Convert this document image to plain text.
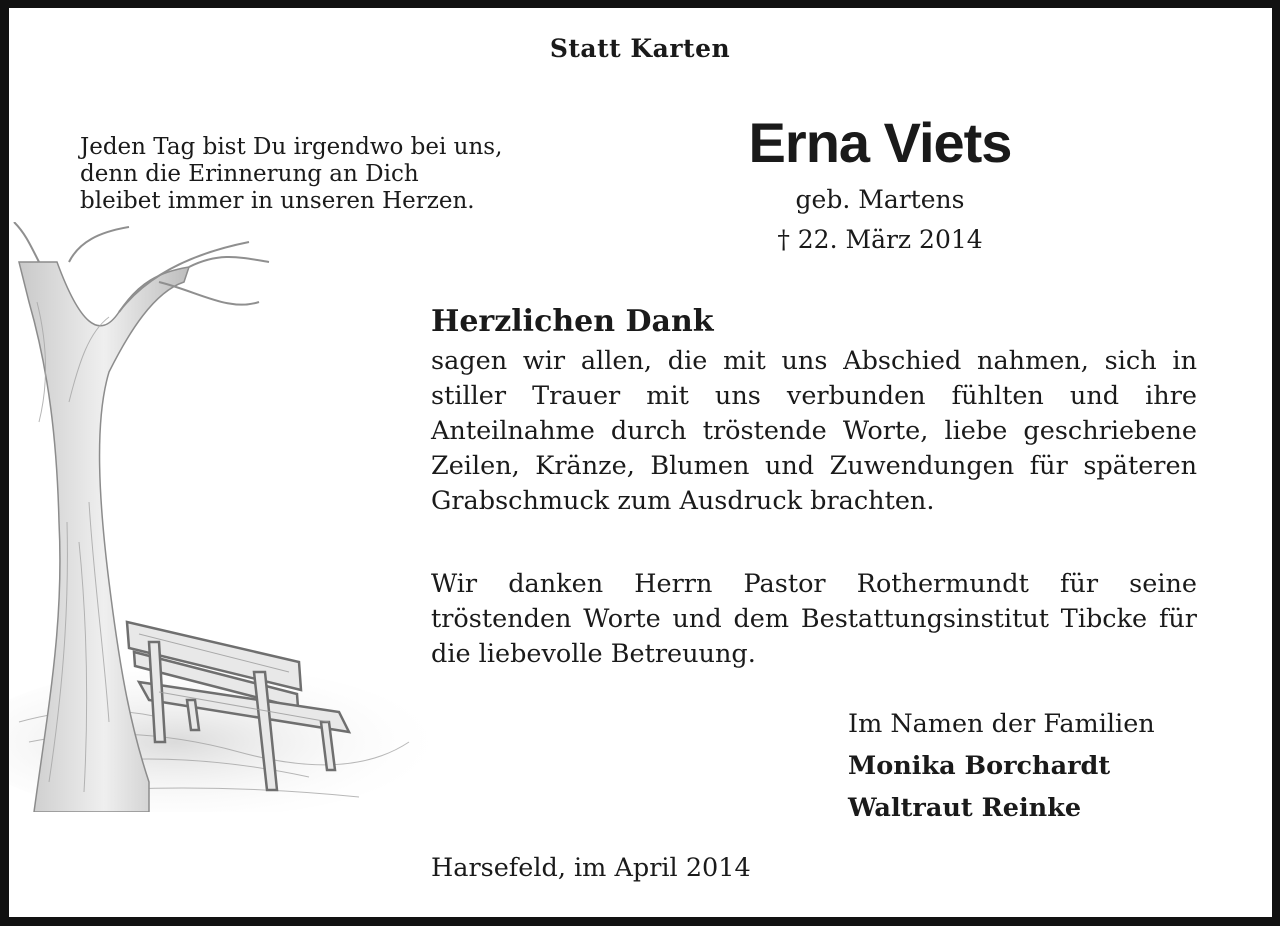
Statt Karten
Jeden Tag bist Du irgendwo bei uns,
denn die Erinnerung an Dich
bleibet immer in unseren Herzen.
Erna Viets
geb. Martens
† 22. März 2014
Herzlichen Dank
sagen wir allen, die mit uns Abschied nahmen, sich in stiller Trauer mit uns verbunden fühlten und ihre Anteilnahme durch tröstende Worte, liebe geschriebene Zeilen, Kränze, Blumen und Zuwendungen für späteren Grabschmuck zum Ausdruck brachten.
Wir danken Herrn Pastor Rothermundt für seine tröstenden Worte und dem Bestattungsinstitut Tibcke für die liebevolle Betreuung.
Im Namen der Familien
Monika Borchardt
Waltraut Reinke
Harsefeld, im April 2014
